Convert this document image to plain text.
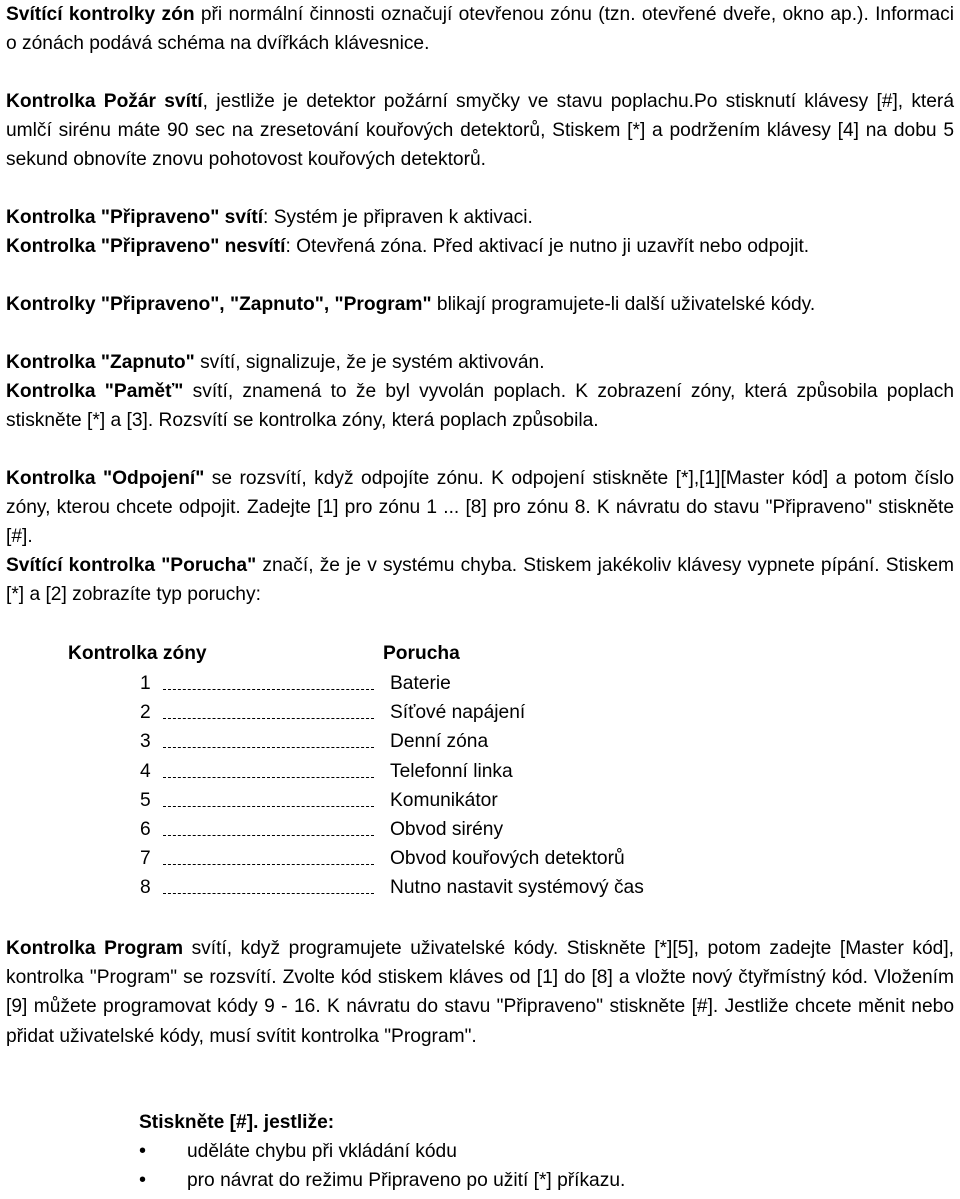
Svítící kontrolky zón při normální činnosti označují otevřenou zónu (tzn. otevřené dveře, okno ap.). Informaci o zónách podává schéma na dvířkách klávesnice.

Kontrolka Požár svítí, jestliže je detektor požární smyčky ve stavu poplachu.Po stisknutí klávesy [#], která umlčí sirénu máte 90 sec na zresetování kouřových detektorů, Stiskem [*] a podržením klávesy [4] na dobu 5 sekund obnovíte znovu pohotovost kouřových detektorů.

Kontrolka "Připraveno" svítí: Systém je připraven k aktivaci.

Kontrolka "Připraveno" nesvítí: Otevřená zóna. Před aktivací je nutno ji uzavřít nebo odpojit.

Kontrolky "Připraveno", "Zapnuto", "Program" blikají programujete-li další uživatelské kódy.

Kontrolka "Zapnuto" svítí, signalizuje, že je systém aktivován.

Kontrolka "Paměť" svítí, znamená to že byl vyvolán poplach. K zobrazení zóny, která způsobila poplach stiskněte [*] a [3]. Rozsvítí se kontrolka zóny, která poplach způsobila.

Kontrolka "Odpojení" se rozsvítí, když odpojíte zónu. K odpojení stiskněte [*],[1][Master kód] a potom číslo zóny, kterou chcete odpojit. Zadejte [1] pro zónu 1 ... [8] pro zónu 8. K návratu do stavu "Připraveno" stiskněte [#].

Svítící kontrolka "Porucha" značí, že je v systému chyba. Stiskem jakékoliv klávesy vypnete pípání. Stiskem [*] a [2] zobrazíte typ poruchy:

Kontrolka zóny	Porucha
1	Baterie
2	Síťové napájení
3	Denní zóna
4	Telefonní linka
5	Komunikátor
6	Obvod sirény
7	Obvod kouřových detektorů
8	Nutno nastavit systémový čas

Kontrolka Program svítí, když programujete uživatelské kódy. Stiskněte [*][5], potom zadejte [Master kód], kontrolka "Program" se rozsvítí. Zvolte kód stiskem kláves od [1] do [8] a vložte nový čtyřmístný kód. Vložením [9] můžete programovat kódy 9 - 16. K návratu do stavu "Připraveno" stiskněte [#]. Jestliže chcete měnit nebo přidat uživatelské kódy, musí svítit kontrolka "Program".

Stiskněte [#]. jestliže:
• uděláte chybu při vkládání kódu
• pro návrat do režimu Připraveno po užití [*] příkazu.
